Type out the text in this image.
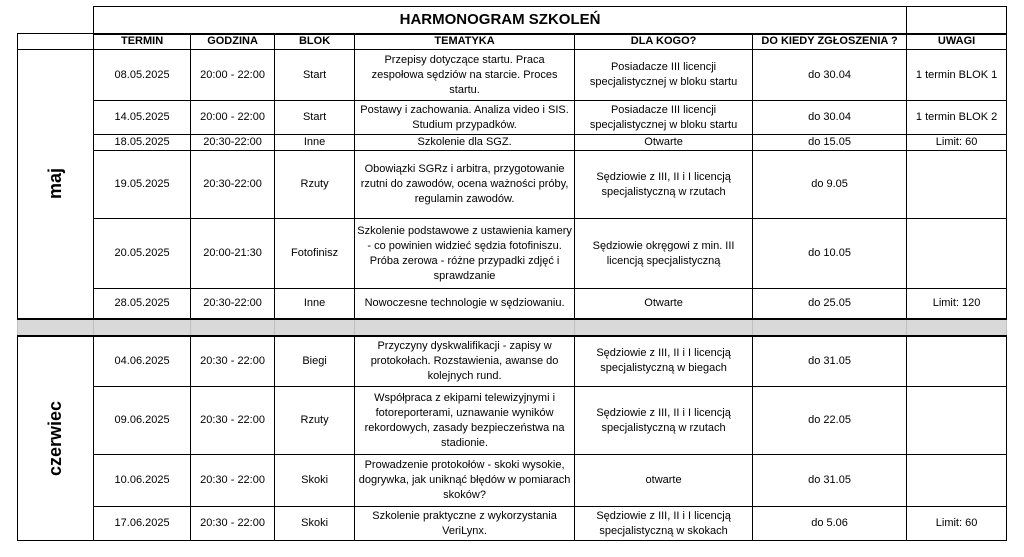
	HARMONOGRAM SZKOLEŃ						
	TERMIN	GODZINA	BLOK	TEMATYKA	DLA KOGO?	DO KIEDY ZGŁOSZENIA ?	UWAGI
maj	08.05.2025	20:00 - 22:00	Start	Przepisy dotyczące startu. Praca zespołowa sędziów na starcie. Proces startu.	Posiadacze III licencji specjalistycznej w bloku startu	do 30.04	1 termin BLOK 1
	14.05.2025	20:00 - 22:00	Start	Postawy i zachowania. Analiza video i SIS. Studium przypadków.	Posiadacze III licencji specjalistycznej w bloku startu	do 30.04	1 termin BLOK 2
	18.05.2025	20:30-22:00	Inne	Szkolenie dla SGZ.	Otwarte	do 15.05	Limit: 60
	19.05.2025	20:30-22:00	Rzuty	Obowiązki SGRz i arbitra, przygotowanie rzutni do zawodów, ocena ważności próby, regulamin zawodów.	Sędziowie z III, II i I licencją specjalistyczną w rzutach	do 9.05	
	20.05.2025	20:00-21:30	Fotofinisz	Szkolenie podstawowe z ustawienia kamery - co powinien widzieć sędzia fotofiniszu. Próba zerowa - różne przypadki zdjęć i sprawdzanie	Sędziowie okręgowi z min. III licencją specjalistyczną	do 10.05	
	28.05.2025	20:30-22:00	Inne	Nowoczesne technologie w sędziowaniu.	Otwarte	do 25.05	Limit: 120

czerwiec	04.06.2025	20:30 - 22:00	Biegi	Przyczyny dyskwalifikacji - zapisy w protokołach. Rozstawienia, awanse do kolejnych rund.	Sędziowie z III, II i I licencją specjalistyczną w biegach	do 31.05	
	09.06.2025	20:30 - 22:00	Rzuty	Współpraca z ekipami telewizyjnymi i fotoreporterami, uznawanie wyników rekordowych, zasady bezpieczeństwa na stadionie.	Sędziowie z III, II i I licencją specjalistyczną w rzutach	do 22.05	
	10.06.2025	20:30 - 22:00	Skoki	Prowadzenie protokołów - skoki wysokie, dogrywka, jak uniknąć błędów w pomiarach skoków?	otwarte	do 31.05	
	17.06.2025	20:30 - 22:00	Skoki	Szkolenie praktyczne z wykorzystania VeriLynx.	Sędziowie z III, II i I licencją specjalistyczną w skokach	do 5.06	Limit: 60
